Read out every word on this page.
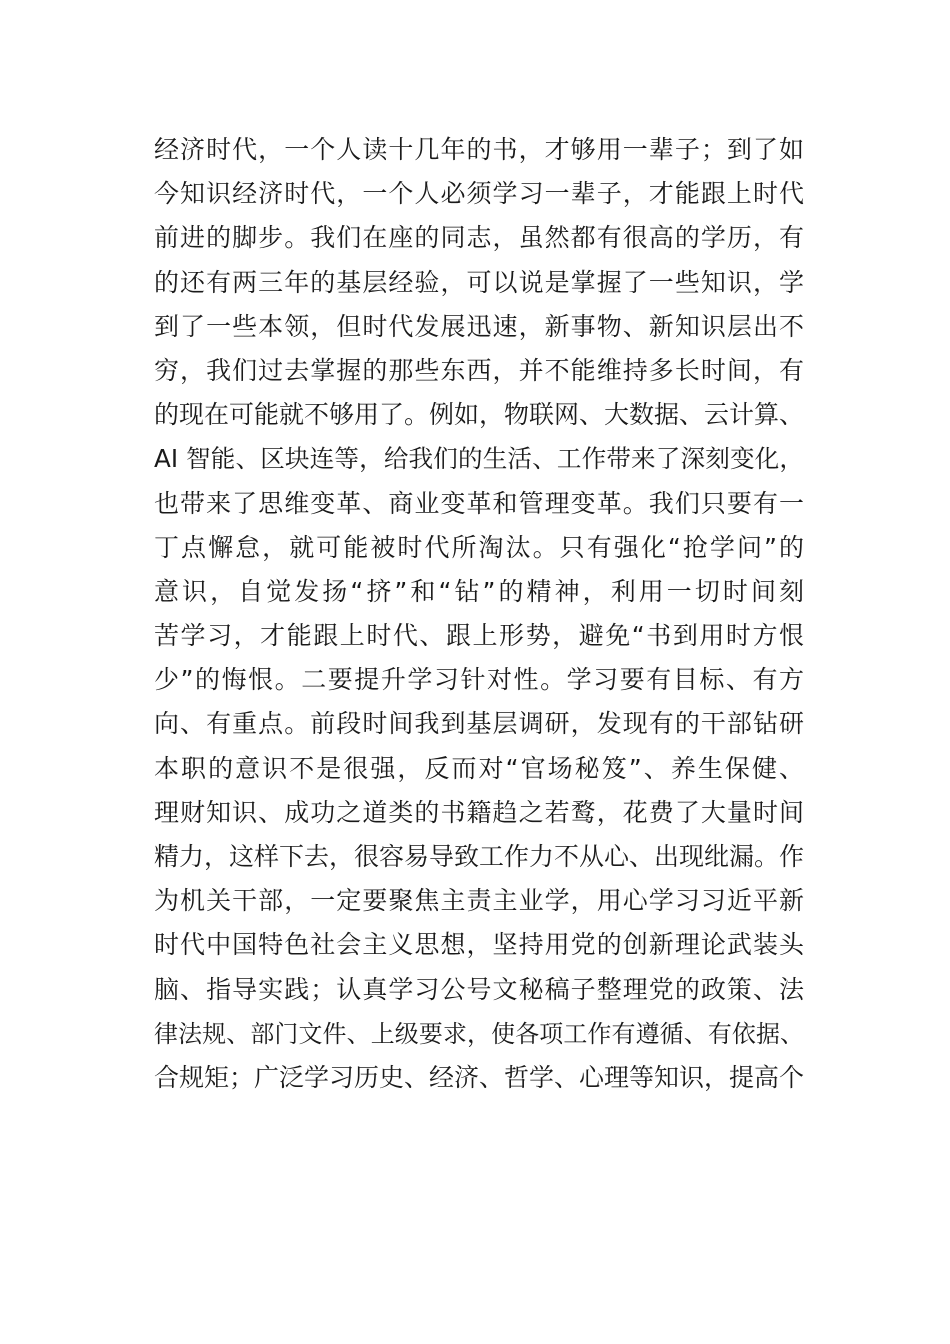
经济时代，一个人读十几年的书，才够用一辈子；到了如
今知识经济时代，一个人必须学习一辈子，才能跟上时代
前进的脚步。我们在座的同志，虽然都有很高的学历，有
的还有两三年的基层经验，可以说是掌握了一些知识，学
到了一些本领，但时代发展迅速，新事物、新知识层出不
穷，我们过去掌握的那些东西，并不能维持多长时间，有
的现在可能就不够用了。例如，物联网、大数据、云计算、
AI 智能、区块连等，给我们的生活、工作带来了深刻变化，
也带来了思维变革、商业变革和管理变革。我们只要有一
丁点懈怠，就可能被时代所淘汰。只有强化“抢学问”的
意识，自觉发扬“挤”和“钻”的精神，利用一切时间刻
苦学习，才能跟上时代、跟上形势，避免“书到用时方恨
少”的悔恨。二要提升学习针对性。学习要有目标、有方
向、有重点。前段时间我到基层调研，发现有的干部钻研
本职的意识不是很强，反而对“官场秘笈”、养生保健、
理财知识、成功之道类的书籍趋之若鹜，花费了大量时间
精力，这样下去，很容易导致工作力不从心、出现纰漏。作
为机关干部，一定要聚焦主责主业学，用心学习习近平新
时代中国特色社会主义思想，坚持用党的创新理论武装头
脑、指导实践；认真学习公号文秘稿子整理党的政策、法
律法规、部门文件、上级要求，使各项工作有遵循、有依据、
合规矩；广泛学习历史、经济、哲学、心理等知识，提高个
